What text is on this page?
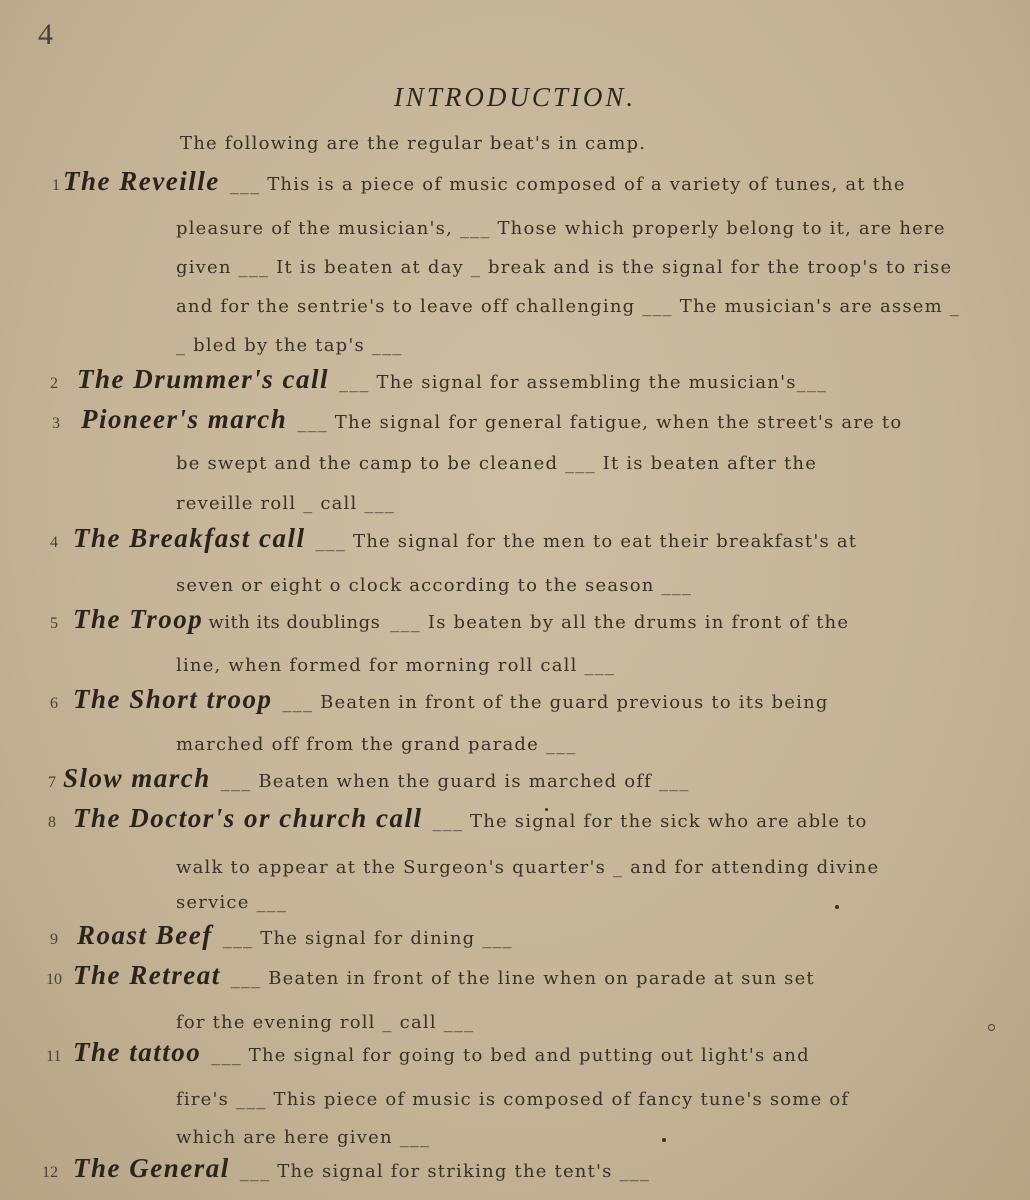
4
INTRODUCTION.
The following are the regular beat's in camp.
1 The Reveille ___ This is a piece of music composed of a variety of tunes, at the
pleasure of the musician's, ___ Those which properly belong to it, are here
given ___ It is beaten at day _ break and is the signal for the troop's to rise
and for the sentrie's to leave off challenging ___ The musician's are assem _
_ bled by the tap's ___
2 The Drummer's call ___ The signal for assembling the musician's___
3 Pioneer's march ___ The signal for general fatigue, when the street's are to
be swept and the camp to be cleaned ___ It is beaten after the
reveille roll _ call ___
4 The Breakfast call ___ The signal for the men to eat their breakfast's at
seven or eight o clock according to the season ___
5 The Troop with its doublings ___ Is beaten by all the drums in front of the
line, when formed for morning roll call ___
6 The Short troop ___ Beaten in front of the guard previous to its being
marched off from the grand parade ___
7 Slow march ___ Beaten when the guard is marched off ___
8 The Doctor's or church call ___ The signal for the sick who are able to
walk to appear at the Surgeon's quarter's _ and for attending divine
service ___
9 Roast Beef ___ The signal for dining ___
10 The Retreat ___ Beaten in front of the line when on parade at sun set
for the evening roll _ call ___
11 The tattoo ___ The signal for going to bed and putting out light's and
fire's ___ This piece of music is composed of fancy tune's some of
which are here given ___
12 The General ___ The signal for striking the tent's ___
